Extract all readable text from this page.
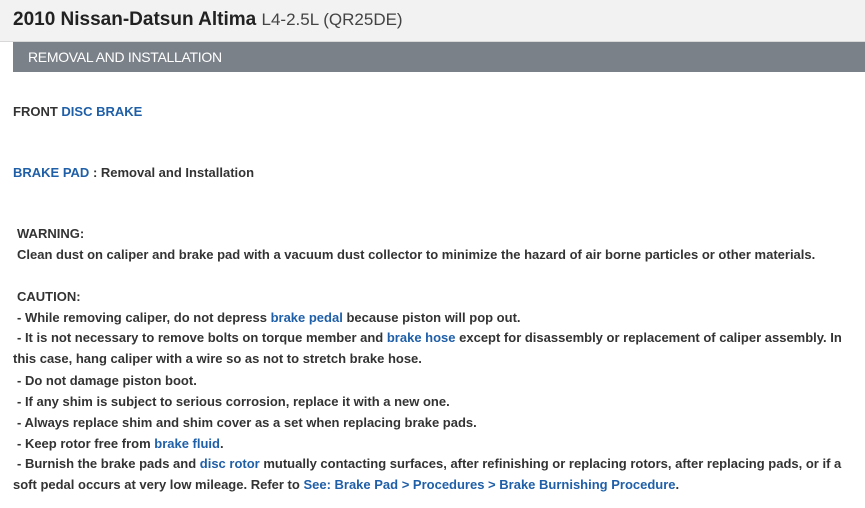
2010 Nissan-Datsun Altima L4-2.5L (QR25DE)
REMOVAL AND INSTALLATION
FRONT DISC BRAKE
BRAKE PAD : Removal and Installation
WARNING:
Clean dust on caliper and brake pad with a vacuum dust collector to minimize the hazard of air borne particles or other materials.
CAUTION:
- While removing caliper, do not depress brake pedal because piston will pop out.
- It is not necessary to remove bolts on torque member and brake hose except for disassembly or replacement of caliper assembly. In this case, hang caliper with a wire so as not to stretch brake hose.
- Do not damage piston boot.
- If any shim is subject to serious corrosion, replace it with a new one.
- Always replace shim and shim cover as a set when replacing brake pads.
- Keep rotor free from brake fluid.
- Burnish the brake pads and disc rotor mutually contacting surfaces, after refinishing or replacing rotors, after replacing pads, or if a soft pedal occurs at very low mileage. Refer to See: Brake Pad > Procedures > Brake Burnishing Procedure.
